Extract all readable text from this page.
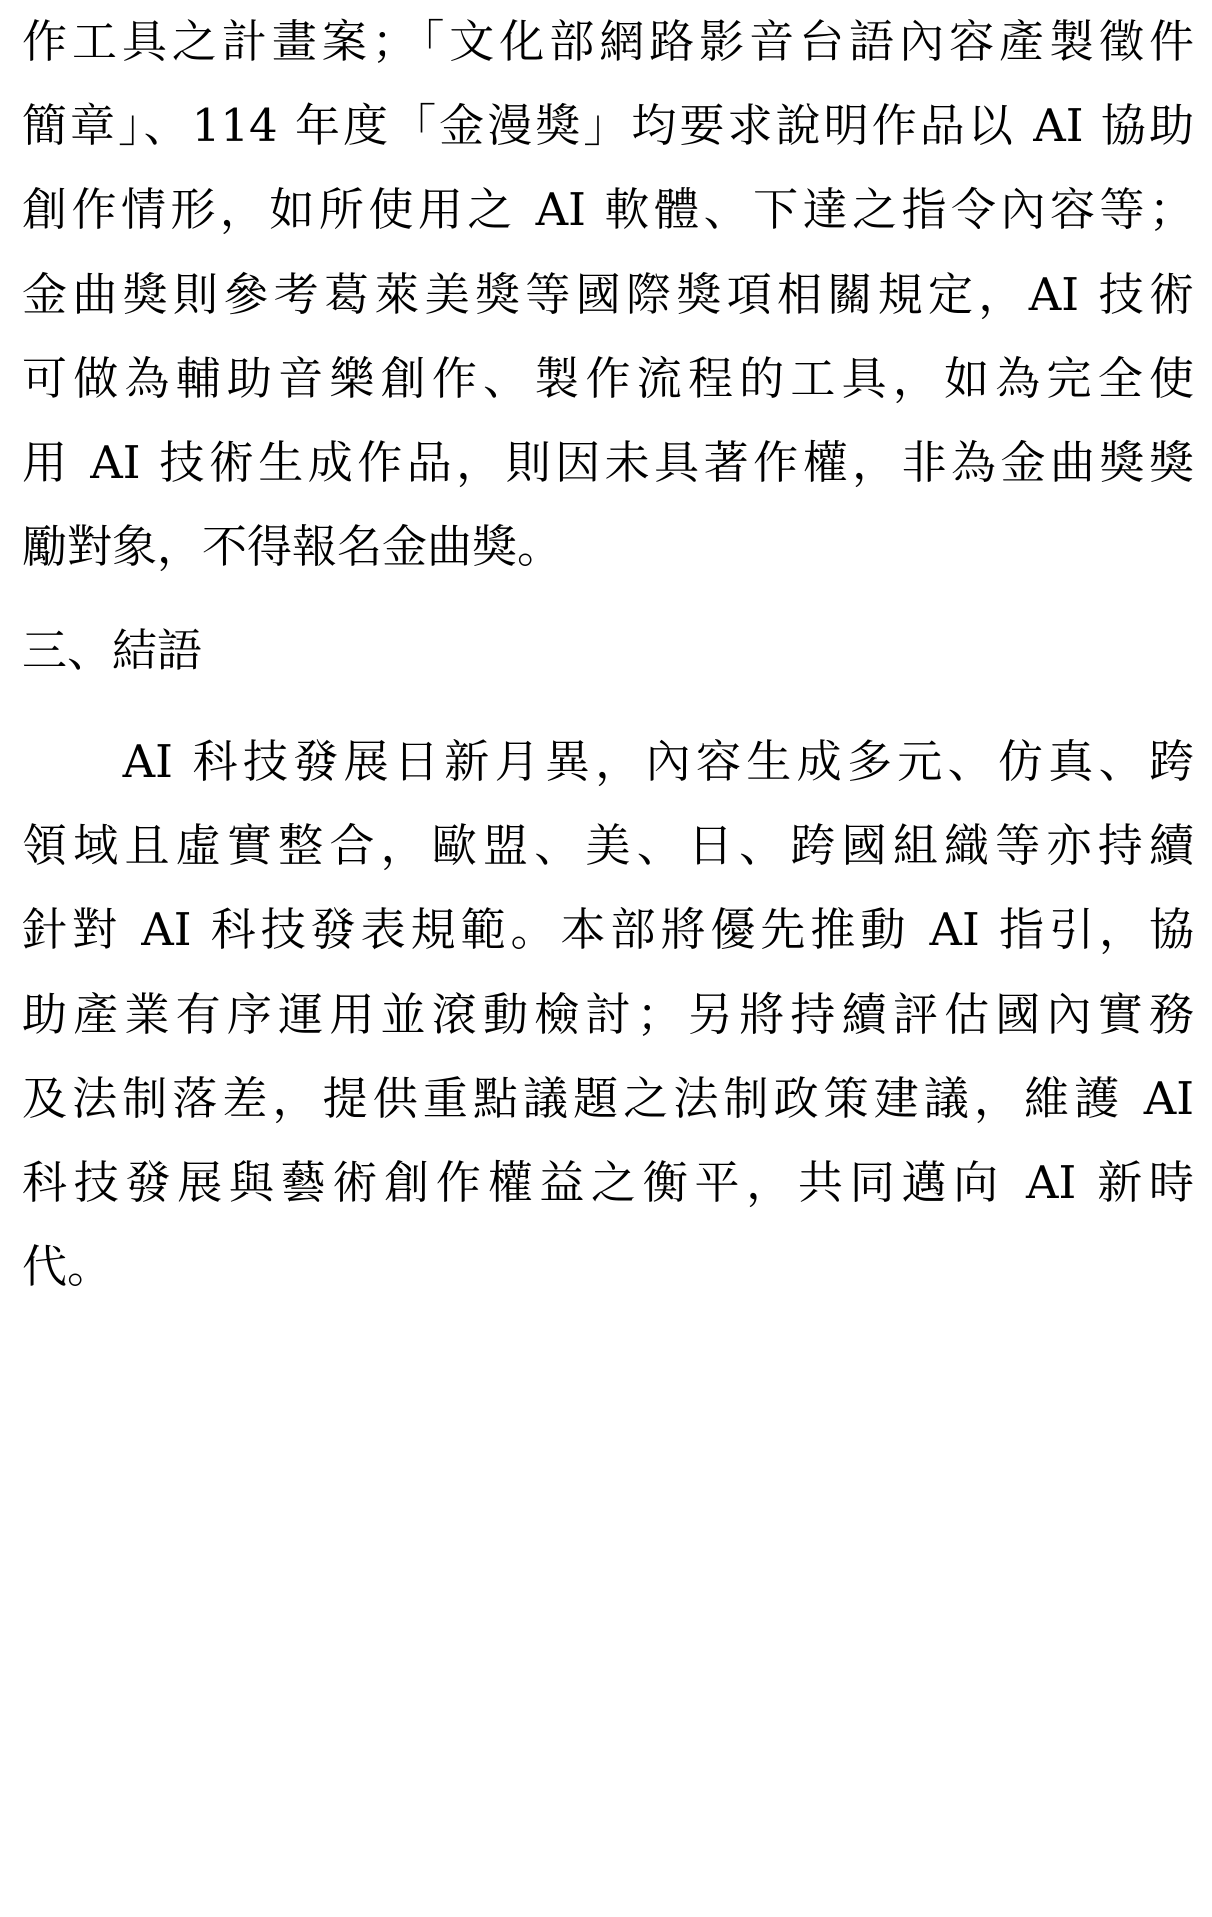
作工具之計畫案；「文化部網路影音台語內容產製徵件
簡章」、114 年度「金漫獎」均要求說明作品以 AI 協助
創作情形，如所使用之 AI 軟體、下達之指令內容等；
金曲獎則參考葛萊美獎等國際獎項相關規定，AI 技術
可做為輔助音樂創作、製作流程的工具，如為完全使
用 AI 技術生成作品，則因未具著作權，非為金曲獎獎
勵對象，不得報名金曲獎。
三、結語
　　AI 科技發展日新月異，內容生成多元、仿真、跨
領域且虛實整合，歐盟、美、日、跨國組織等亦持續
針對 AI 科技發表規範。本部將優先推動 AI 指引，協
助產業有序運用並滾動檢討；另將持續評估國內實務
及法制落差，提供重點議題之法制政策建議，維護 AI
科技發展與藝術創作權益之衡平，共同邁向 AI 新時
代。
